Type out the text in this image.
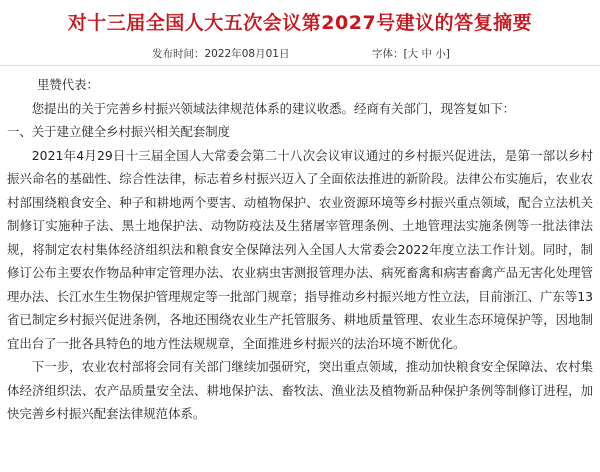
对十三届全国人大五次会议第2027号建议的答复摘要
发布时间：2022年08月01日	字体：[大 中 小]

里赞代表：

您提出的关于完善乡村振兴领域法律规范体系的建议收悉。经商有关部门，现答复如下：

一、关于建立健全乡村振兴相关配套制度

2021年4月29日十三届全国人大常委会第二十八次会议审议通过的乡村振兴促进法，是第一部以乡村振兴命名的基础性、综合性法律，标志着乡村振兴迈入了全面依法推进的新阶段。法律公布实施后，农业农村部围绕粮食安全、种子和耕地两个要害、动植物保护、农业资源环境等乡村振兴重点领域，配合立法机关制修订实施种子法、黑土地保护法、动物防疫法及生猪屠宰管理条例、土地管理法实施条例等一批法律法规，将制定农村集体经济组织法和粮食安全保障法列入全国人大常委会2022年度立法工作计划。同时，制修订公布主要农作物品种审定管理办法、农业病虫害测报管理办法、病死畜禽和病害畜禽产品无害化处理管理办法、长江水生生物保护管理规定等一批部门规章；指导推动乡村振兴地方性立法，目前浙江、广东等13省已制定乡村振兴促进条例，各地还围绕农业生产托管服务、耕地质量管理、农业生态环境保护等，因地制宜出台了一批各具特色的地方性法规规章，全面推进乡村振兴的法治环境不断优化。

下一步，农业农村部将会同有关部门继续加强研究，突出重点领域，推动加快粮食安全保障法、农村集体经济组织法、农产品质量安全法、耕地保护法、畜牧法、渔业法及植物新品种保护条例等制修订进程，加快完善乡村振兴配套法律规范体系。
